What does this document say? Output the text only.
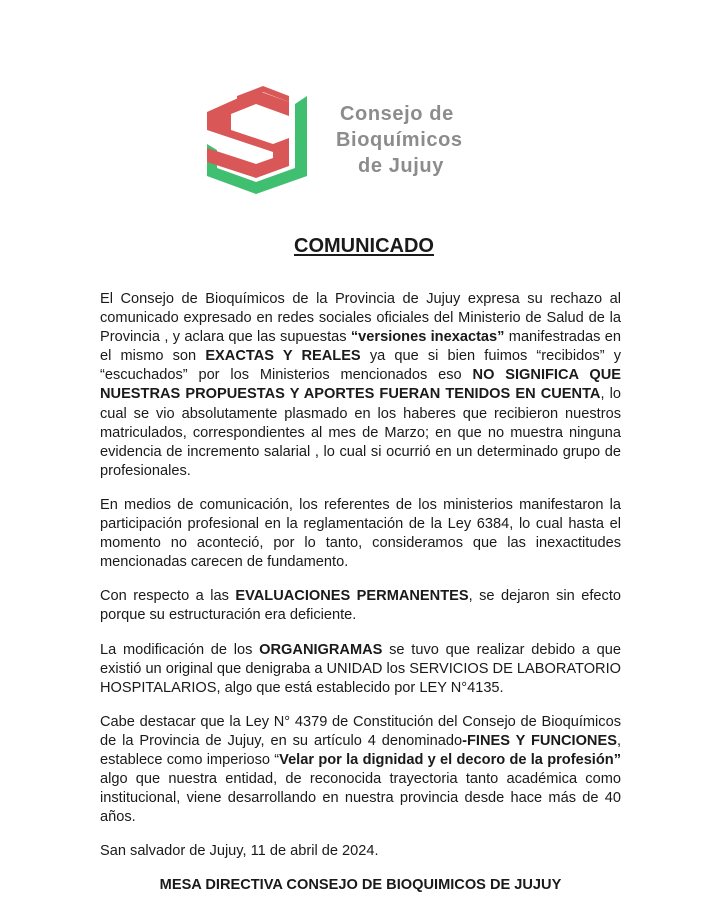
Consejo de
Bioquímicos
de Jujuy
COMUNICADO

El Consejo de Bioquímicos de la Provincia de Jujuy expresa su rechazo al comunicado expresado en redes sociales oficiales del Ministerio de Salud de la Provincia , y aclara que las supuestas “versiones inexactas” manifestradas en el mismo son EXACTAS Y REALES ya que si bien fuimos “recibidos” y “escuchados” por los Ministerios mencionados eso NO SIGNIFICA QUE NUESTRAS PROPUESTAS Y APORTES FUERAN TENIDOS EN CUENTA, lo cual se vio absolutamente plasmado en los haberes que recibieron nuestros matriculados, correspondientes al mes de Marzo; en que no muestra ninguna evidencia de incremento salarial , lo cual si ocurrió en un determinado grupo de profesionales.

En medios de comunicación, los referentes de los ministerios manifestaron la participación profesional en la reglamentación de la Ley 6384, lo cual hasta el momento no aconteció, por lo tanto, consideramos que las inexactitudes mencionadas carecen de fundamento.

Con respecto a las EVALUACIONES PERMANENTES, se dejaron sin efecto porque su estructuración era deficiente.

La modificación de los ORGANIGRAMAS se tuvo que realizar debido a que existió un original que denigraba a UNIDAD los SERVICIOS DE LABORATORIO HOSPITALARIOS, algo que está establecido por LEY N°4135.

Cabe destacar que la Ley N° 4379 de Constitución del Consejo de Bioquímicos de la Provincia de Jujuy, en su artículo 4 denominado-FINES Y FUNCIONES, establece como imperioso “Velar por la dignidad y el decoro de la profesión” algo que nuestra entidad, de reconocida trayectoria tanto académica como institucional, viene desarrollando en nuestra provincia desde hace más de 40 años.

San salvador de Jujuy, 11 de abril de 2024.

MESA DIRECTIVA CONSEJO DE BIOQUIMICOS DE JUJUY
